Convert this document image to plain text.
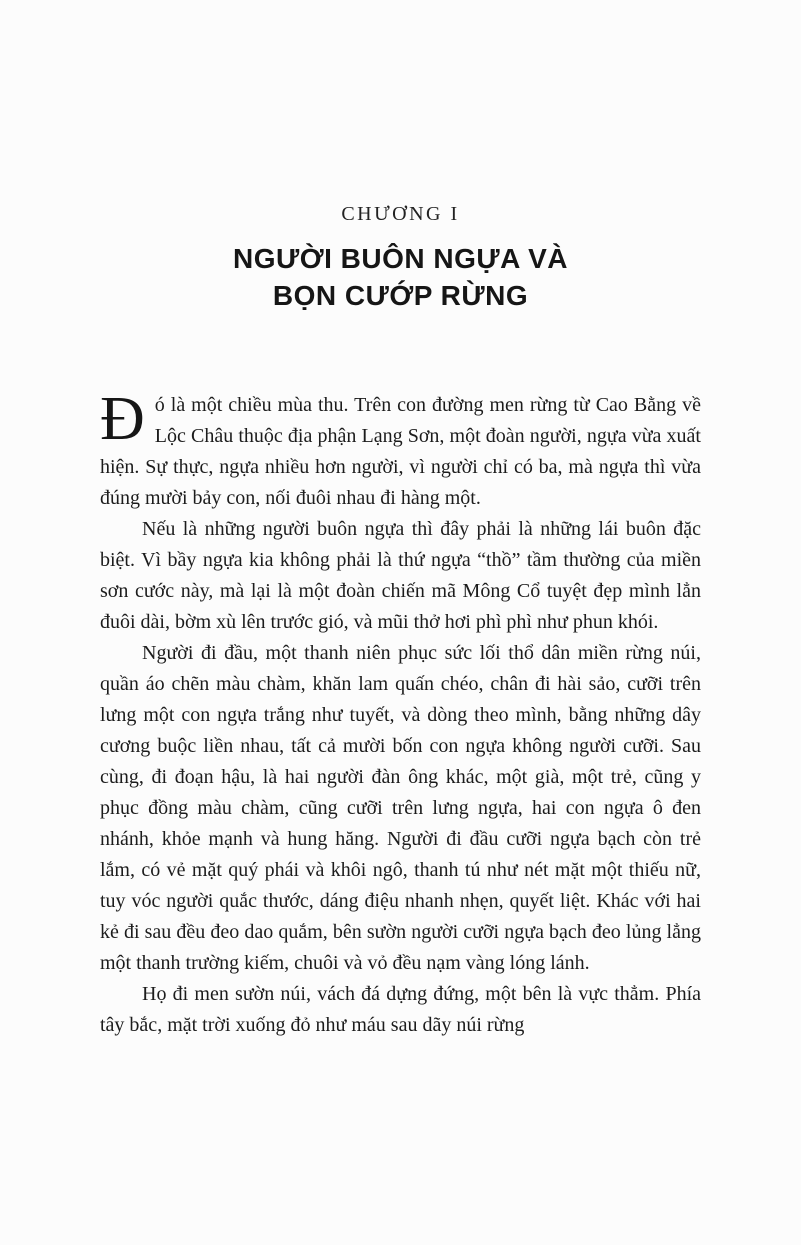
CHƯƠNG I
NGƯỜI BUÔN NGỰA VÀ
BỌN CƯỚP RỪNG

Đó là một chiều mùa thu. Trên con đường men rừng từ Cao Bằng về Lộc Châu thuộc địa phận Lạng Sơn, một đoàn người, ngựa vừa xuất hiện. Sự thực, ngựa nhiều hơn người, vì người chỉ có ba, mà ngựa thì vừa đúng mười bảy con, nối đuôi nhau đi hàng một.

Nếu là những người buôn ngựa thì đây phải là những lái buôn đặc biệt. Vì bầy ngựa kia không phải là thứ ngựa “thồ” tầm thường của miền sơn cước này, mà lại là một đoàn chiến mã Mông Cổ tuyệt đẹp mình lẳn đuôi dài, bờm xù lên trước gió, và mũi thở hơi phì phì như phun khói.

Người đi đầu, một thanh niên phục sức lối thổ dân miền rừng núi, quần áo chẽn màu chàm, khăn lam quấn chéo, chân đi hài sảo, cưỡi trên lưng một con ngựa trắng như tuyết, và dòng theo mình, bằng những dây cương buộc liền nhau, tất cả mười bốn con ngựa không người cưỡi. Sau cùng, đi đoạn hậu, là hai người đàn ông khác, một già, một trẻ, cũng y phục đồng màu chàm, cũng cưỡi trên lưng ngựa, hai con ngựa ô đen nhánh, khỏe mạnh và hung hăng. Người đi đầu cưỡi ngựa bạch còn trẻ lắm, có vẻ mặt quý phái và khôi ngô, thanh tú như nét mặt một thiếu nữ, tuy vóc người quắc thước, dáng điệu nhanh nhẹn, quyết liệt. Khác với hai kẻ đi sau đều đeo dao quắm, bên sườn người cưỡi ngựa bạch đeo lủng lẳng một thanh trường kiếm, chuôi và vỏ đều nạm vàng lóng lánh.

Họ đi men sườn núi, vách đá dựng đứng, một bên là vực thẳm. Phía tây bắc, mặt trời xuống đỏ như máu sau dãy núi rừng
